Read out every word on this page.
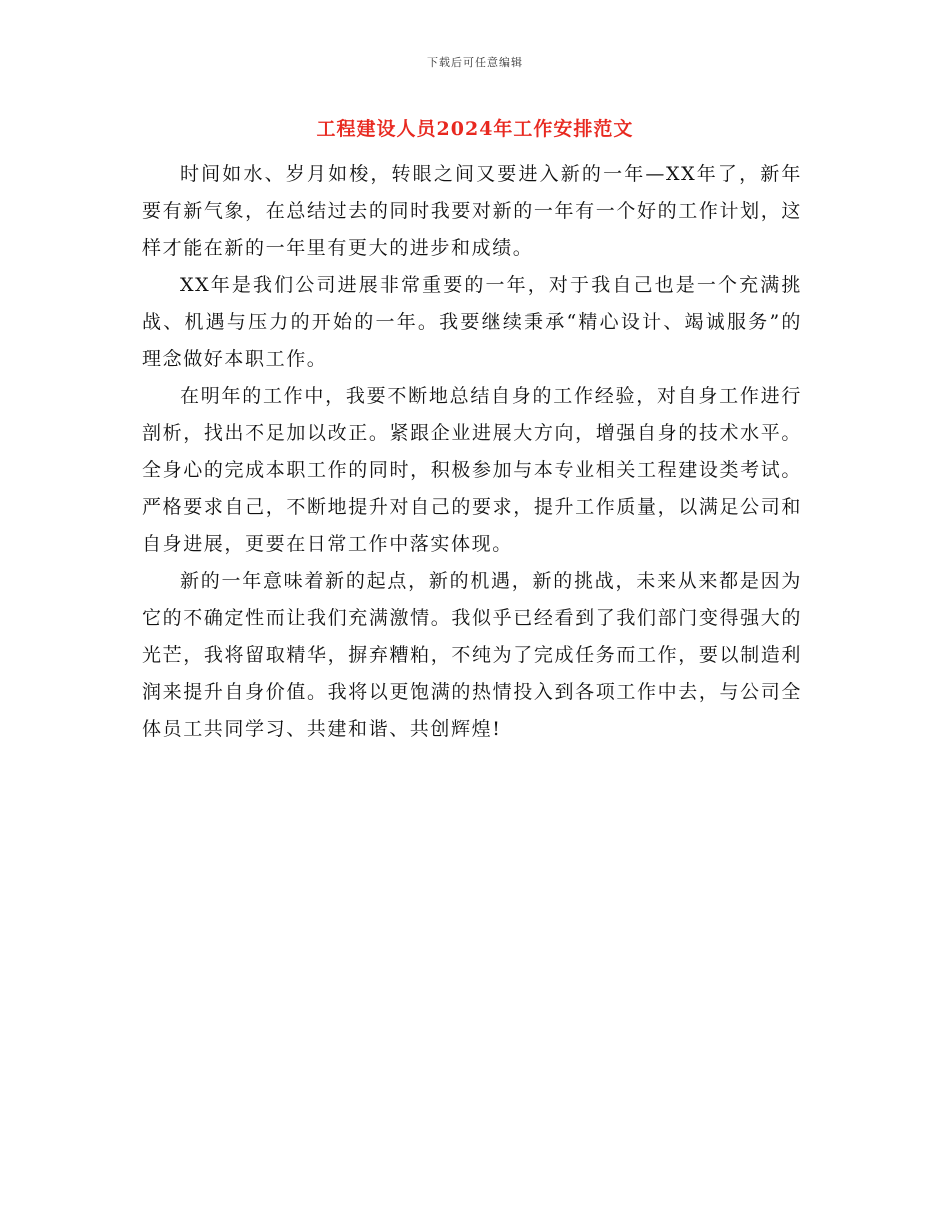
下载后可任意编辑
工程建设人员2024年工作安排范文

时间如水、岁月如梭，转眼之间又要进入新的一年—XX年了，新年要有新气象，在总结过去的同时我要对新的一年有一个好的工作计划，这样才能在新的一年里有更大的进步和成绩。

XX年是我们公司进展非常重要的一年，对于我自己也是一个充满挑战、机遇与压力的开始的一年。我要继续秉承“精心设计、竭诚服务”的理念做好本职工作。

在明年的工作中，我要不断地总结自身的工作经验，对自身工作进行剖析，找出不足加以改正。紧跟企业进展大方向，增强自身的技术水平。全身心的完成本职工作的同时，积极参加与本专业相关工程建设类考试。严格要求自己，不断地提升对自己的要求，提升工作质量，以满足公司和自身进展，更要在日常工作中落实体现。

新的一年意味着新的起点，新的机遇，新的挑战，未来从来都是因为它的不确定性而让我们充满激情。我似乎已经看到了我们部门变得强大的光芒，我将留取精华，摒弃糟粕，不纯为了完成任务而工作，要以制造利润来提升自身价值。我将以更饱满的热情投入到各项工作中去，与公司全体员工共同学习、共建和谐、共创辉煌!
